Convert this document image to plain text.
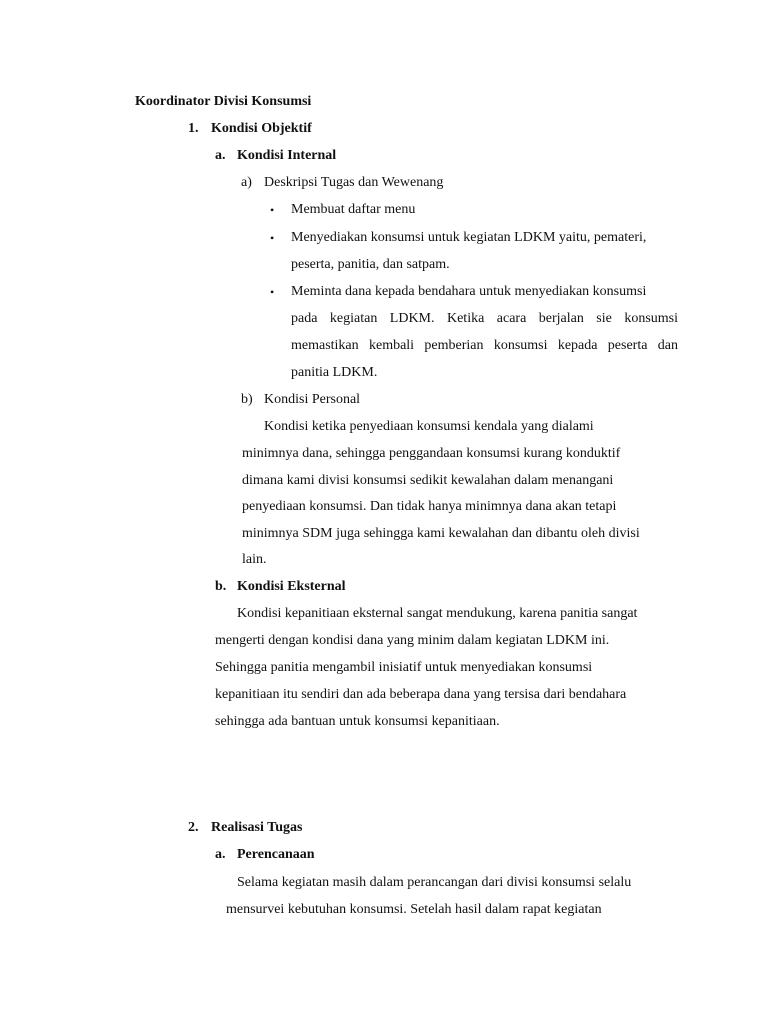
Koordinator Divisi Konsumsi
1. Kondisi Objektif
a. Kondisi Internal
a) Deskripsi Tugas dan Wewenang
• Membuat daftar menu
• Menyediakan konsumsi untuk kegiatan LDKM yaitu, pemateri,
peserta, panitia, dan satpam.
• Meminta dana kepada bendahara untuk menyediakan konsumsi
pada kegiatan LDKM. Ketika acara berjalan sie konsumsi
memastikan kembali pemberian konsumsi kepada peserta dan
panitia LDKM.
b) Kondisi Personal
Kondisi ketika penyediaan konsumsi kendala yang dialami
minimnya dana, sehingga penggandaan konsumsi kurang konduktif
dimana kami divisi konsumsi sedikit kewalahan dalam menangani
penyediaan konsumsi. Dan tidak hanya minimnya dana akan tetapi
minimnya SDM juga sehingga kami kewalahan dan dibantu oleh divisi
lain.
b. Kondisi Eksternal
Kondisi kepanitiaan eksternal sangat mendukung, karena panitia sangat
mengerti dengan kondisi dana yang minim dalam kegiatan LDKM ini.
Sehingga panitia mengambil inisiatif untuk menyediakan konsumsi
kepanitiaan itu sendiri dan ada beberapa dana yang tersisa dari bendahara
sehingga ada bantuan untuk konsumsi kepanitiaan.
2. Realisasi Tugas
a. Perencanaan
Selama kegiatan masih dalam perancangan dari divisi konsumsi selalu
mensurvei kebutuhan konsumsi. Setelah hasil dalam rapat kegiatan
